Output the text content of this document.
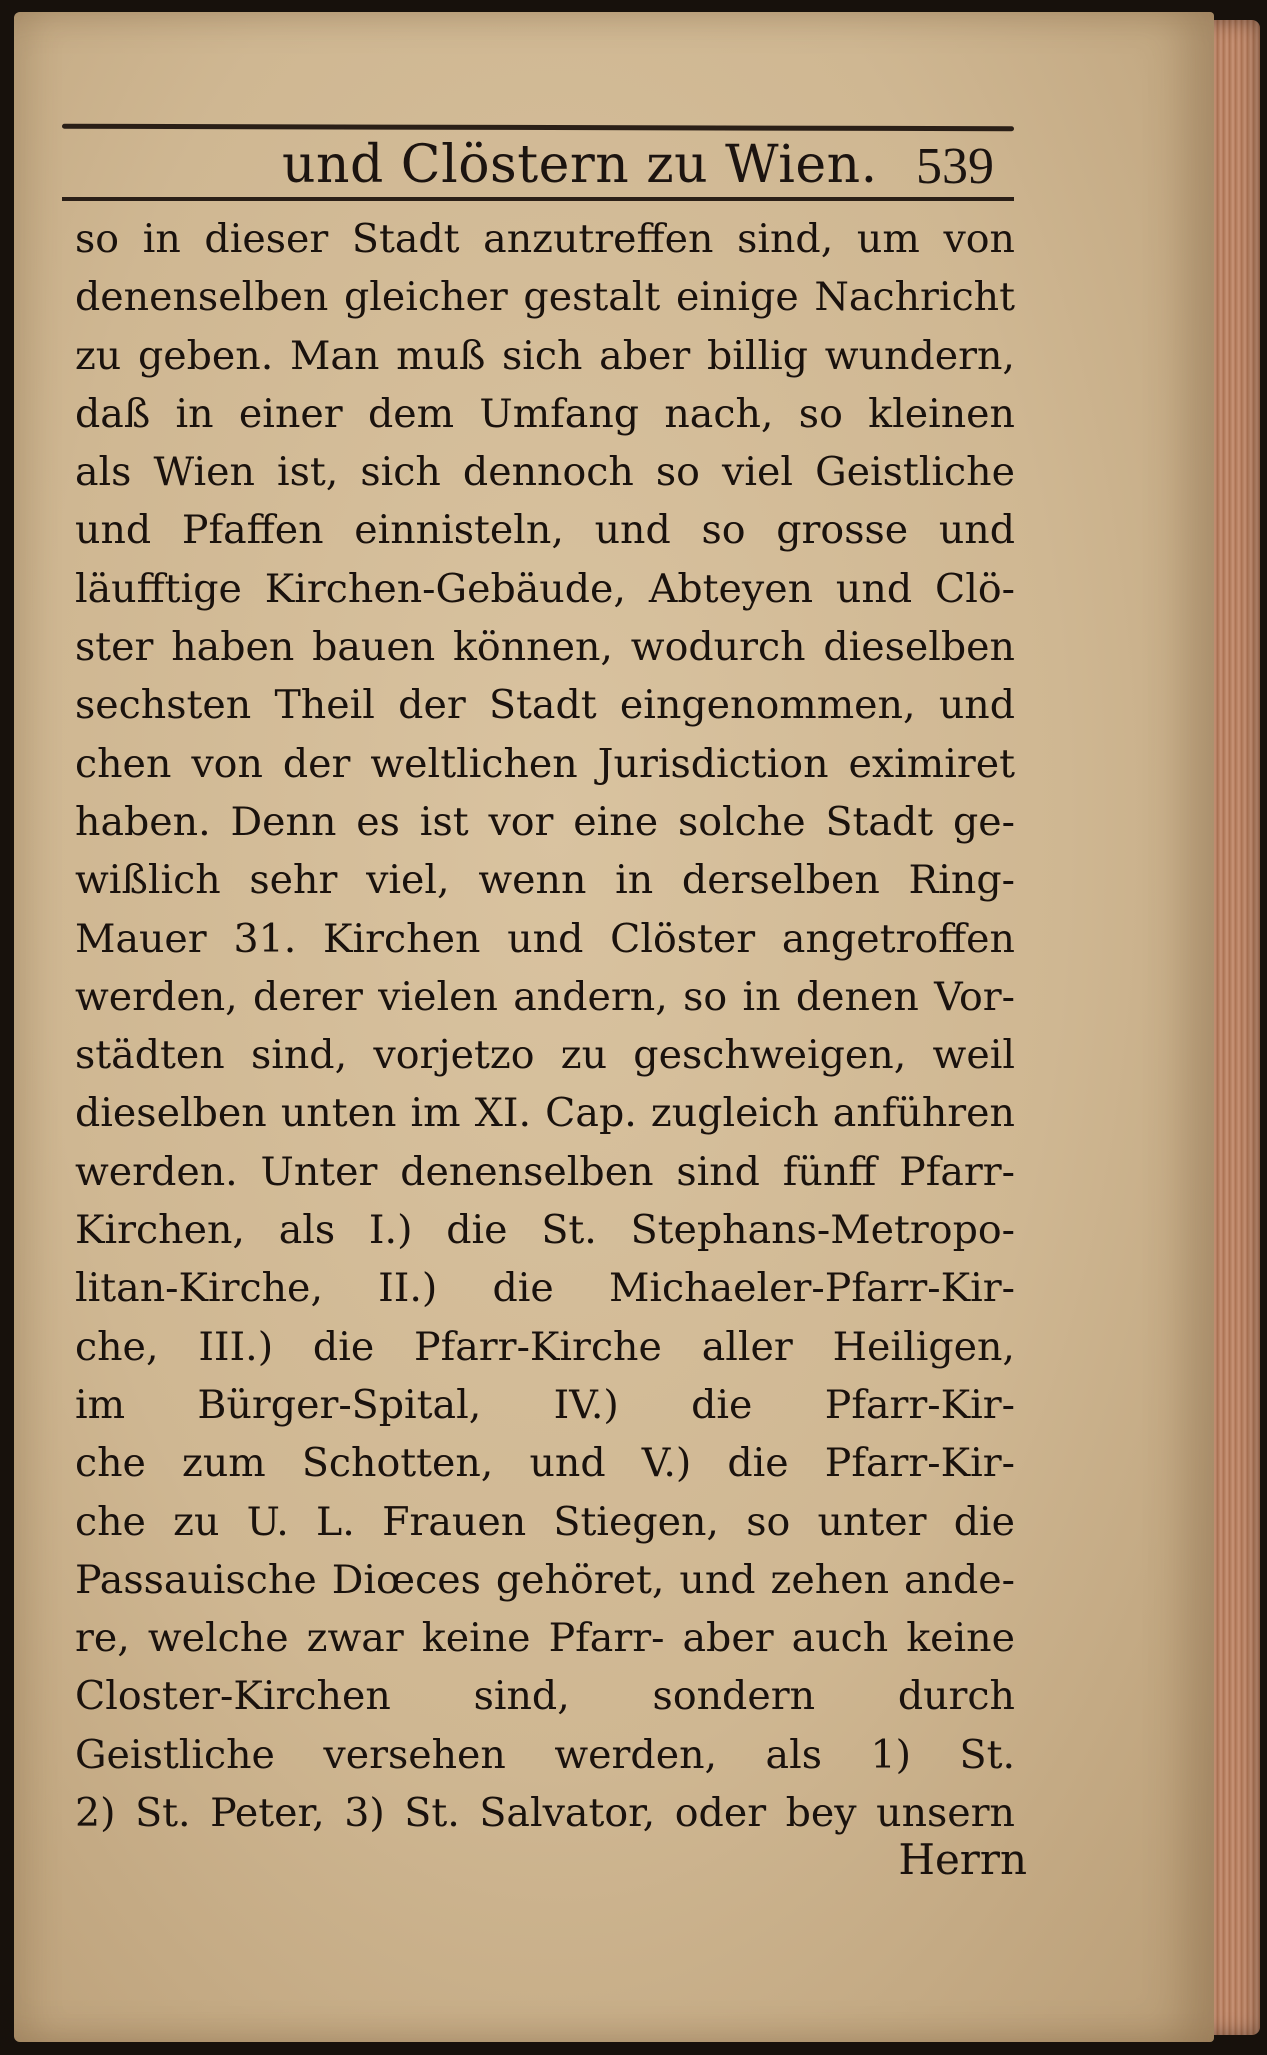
und Clöstern zu Wien. 539
so in dieser Stadt anzutreffen sind, um von
denenselben gleicher gestalt einige Nachricht
zu geben. Man muß sich aber billig wundern,
daß in einer dem Umfang nach, so kleinen
als Wien ist, sich dennoch so viel Geistliche
und Pfaffen einnisteln, und so grosse und
läufftige Kirchen-Gebäude, Abteyen und Clö-
ster haben bauen können, wodurch dieselben
sechsten Theil der Stadt eingenommen, und
chen von der weltlichen Jurisdiction eximiret
haben. Denn es ist vor eine solche Stadt ge-
wißlich sehr viel, wenn in derselben Ring-
Mauer 31. Kirchen und Clöster angetroffen
werden, derer vielen andern, so in denen Vor-
städten sind, vorjetzo zu geschweigen, weil
dieselben unten im XI. Cap. zugleich anführen
werden. Unter denenselben sind fünff Pfarr-
Kirchen, als I.) die St. Stephans-Metropo-
litan-Kirche, II.) die Michaeler-Pfarr-Kir-
che, III.) die Pfarr-Kirche aller Heiligen,
im Bürger-Spital, IV.) die Pfarr-Kir-
che zum Schotten, und V.) die Pfarr-Kir-
che zu U. L. Frauen Stiegen, so unter die
Passauische Diœces gehöret, und zehen ande-
re, welche zwar keine Pfarr- aber auch keine
Closter-Kirchen sind, sondern durch
Geistliche versehen werden, als 1) St.
2) St. Peter, 3) St. Salvator, oder bey unsern
Herrn
